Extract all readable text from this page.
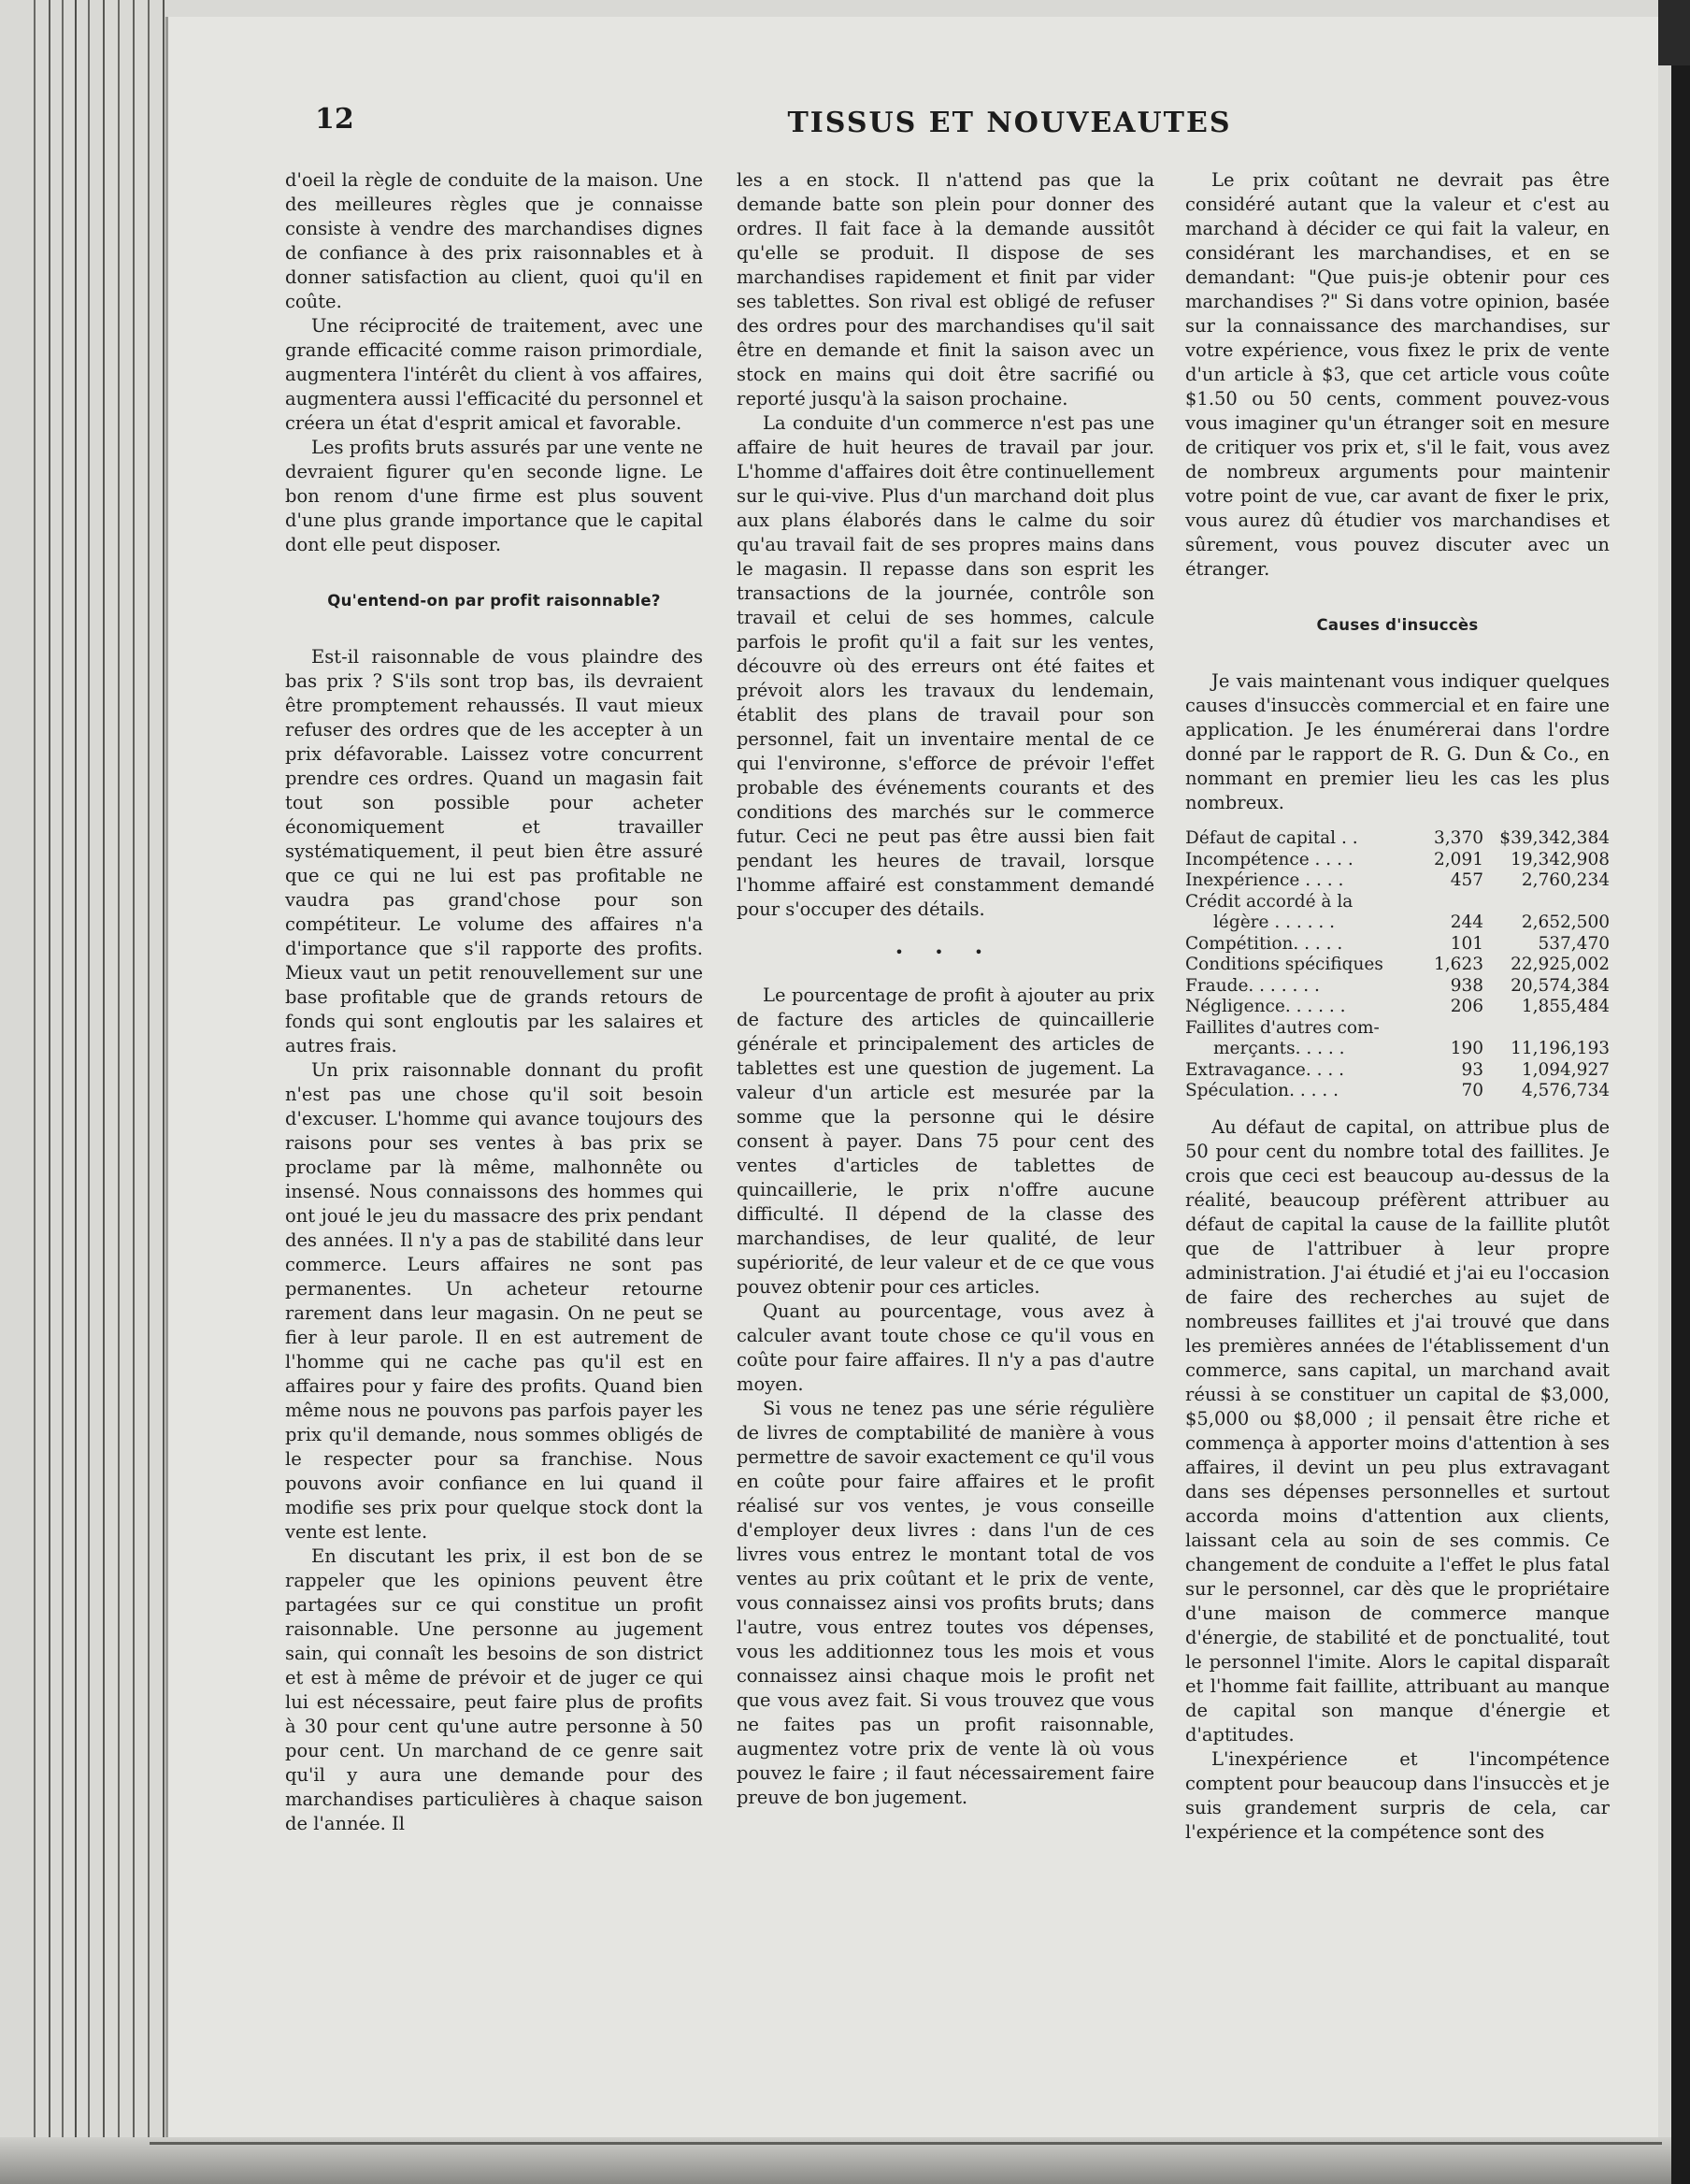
12	TISSUS ET NOUVEAUTES

d'oeil la règle de conduite de la maison. Une des meilleures règles que je connaisse consiste à vendre des marchandises dignes de confiance à des prix raisonnables et à donner satisfaction au client, quoi qu'il en coûte.

Une réciprocité de traitement, avec une grande efficacité comme raison primordiale, augmentera l'intérêt du client à vos affaires, augmentera aussi l'efficacité du personnel et créera un état d'esprit amical et favorable.

Les profits bruts assurés par une vente ne devraient figurer qu'en seconde ligne. Le bon renom d'une firme est plus souvent d'une plus grande importance que le capital dont elle peut disposer.

Qu'entend-on par profit raisonnable?

Est-il raisonnable de vous plaindre des bas prix ? S'ils sont trop bas, ils devraient être promptement rehaussés. Il vaut mieux refuser des ordres que de les accepter à un prix défavorable. Laissez votre concurrent prendre ces ordres. Quand un magasin fait tout son possible pour acheter économiquement et travailler systématiquement, il peut bien être assuré que ce qui ne lui est pas profitable ne vaudra pas grand'chose pour son compétiteur. Le volume des affaires n'a d'importance que s'il rapporte des profits. Mieux vaut un petit renouvellement sur une base profitable que de grands retours de fonds qui sont engloutis par les salaires et autres frais.

Un prix raisonnable donnant du profit n'est pas une chose qu'il soit besoin d'excuser. L'homme qui avance toujours des raisons pour ses ventes à bas prix se proclame par là même, malhonnête ou insensé. Nous connaissons des hommes qui ont joué le jeu du massacre des prix pendant des années. Il n'y a pas de stabilité dans leur commerce. Leurs affaires ne sont pas permanentes. Un acheteur retourne rarement dans leur magasin. On ne peut se fier à leur parole. Il en est autrement de l'homme qui ne cache pas qu'il est en affaires pour y faire des profits. Quand bien même nous ne pouvons pas parfois payer les prix qu'il demande, nous sommes obligés de le respecter pour sa franchise. Nous pouvons avoir confiance en lui quand il modifie ses prix pour quelque stock dont la vente est lente.

En discutant les prix, il est bon de se rappeler que les opinions peuvent être partagées sur ce qui constitue un profit raisonnable. Une personne au jugement sain, qui connaît les besoins de son district et est à même de prévoir et de juger ce qui lui est nécessaire, peut faire plus de profits à 30 pour cent qu'une autre personne à 50 pour cent. Un marchand de ce genre sait qu'il y aura une demande pour des marchandises particulières à chaque saison de l'année. Il

les a en stock. Il n'attend pas que la demande batte son plein pour donner des ordres. Il fait face à la demande aussitôt qu'elle se produit. Il dispose de ses marchandises rapidement et finit par vider ses tablettes. Son rival est obligé de refuser des ordres pour des marchandises qu'il sait être en demande et finit la saison avec un stock en mains qui doit être sacrifié ou reporté jusqu'à la saison prochaine.

La conduite d'un commerce n'est pas une affaire de huit heures de travail par jour. L'homme d'affaires doit être continuellement sur le qui-vive. Plus d'un marchand doit plus aux plans élaborés dans le calme du soir qu'au travail fait de ses propres mains dans le magasin. Il repasse dans son esprit les transactions de la journée, contrôle son travail et celui de ses hommes, calcule parfois le profit qu'il a fait sur les ventes, découvre où des erreurs ont été faites et prévoit alors les travaux du lendemain, établit des plans de travail pour son personnel, fait un inventaire mental de ce qui l'environne, s'efforce de prévoir l'effet probable des événements courants et des conditions des marchés sur le commerce futur. Ceci ne peut pas être aussi bien fait pendant les heures de travail, lorsque l'homme affairé est constamment demandé pour s'occuper des détails.

• • •

Le pourcentage de profit à ajouter au prix de facture des articles de quincaillerie générale et principalement des articles de tablettes est une question de jugement. La valeur d'un article est mesurée par la somme que la personne qui le désire consent à payer. Dans 75 pour cent des ventes d'articles de tablettes de quincaillerie, le prix n'offre aucune difficulté. Il dépend de la classe des marchandises, de leur qualité, de leur supériorité, de leur valeur et de ce que vous pouvez obtenir pour ces articles.

Quant au pourcentage, vous avez à calculer avant toute chose ce qu'il vous en coûte pour faire affaires. Il n'y a pas d'autre moyen.

Si vous ne tenez pas une série régulière de livres de comptabilité de manière à vous permettre de savoir exactement ce qu'il vous en coûte pour faire affaires et le profit réalisé sur vos ventes, je vous conseille d'employer deux livres : dans l'un de ces livres vous entrez le montant total de vos ventes au prix coûtant et le prix de vente, vous connaissez ainsi vos profits bruts; dans l'autre, vous entrez toutes vos dépenses, vous les additionnez tous les mois et vous connaissez ainsi chaque mois le profit net que vous avez fait. Si vous trouvez que vous ne faites pas un profit raisonnable, augmentez votre prix de vente là où vous pouvez le faire ; il faut nécessairement faire preuve de bon jugement.

Le prix coûtant ne devrait pas être considéré autant que la valeur et c'est au marchand à décider ce qui fait la valeur, en considérant les marchandises, et en se demandant: "Que puis-je obtenir pour ces marchandises ?" Si dans votre opinion, basée sur la connaissance des marchandises, sur votre expérience, vous fixez le prix de vente d'un article à $3, que cet article vous coûte $1.50 ou 50 cents, comment pouvez-vous vous imaginer qu'un étranger soit en mesure de critiquer vos prix et, s'il le fait, vous avez de nombreux arguments pour maintenir votre point de vue, car avant de fixer le prix, vous aurez dû étudier vos marchandises et sûrement, vous pouvez discuter avec un étranger.

Causes d'insuccès

Je vais maintenant vous indiquer quelques causes d'insuccès commercial et en faire une application. Je les énumérerai dans l'ordre donné par le rapport de R. G. Dun & Co., en nommant en premier lieu les cas les plus nombreux.

Défaut de capital . .	3,370	$39,342,384
Incompétence . . . .	2,091	19,342,908
Inexpérience . . . .	457	2,760,234
Crédit accordé à la		
légère . . . . . .	244	2,652,500
Compétition. . . . .	101	537,470
Conditions spécifiques	1,623	22,925,002
Fraude. . . . . . .	938	20,574,384
Négligence. . . . . .	206	1,855,484
Faillites d'autres com-		
merçants. . . . .	190	11,196,193
Extravagance. . . .	93	1,094,927
Spéculation. . . . .	70	4,576,734

Au défaut de capital, on attribue plus de 50 pour cent du nombre total des faillites. Je crois que ceci est beaucoup au-dessus de la réalité, beaucoup préfèrent attribuer au défaut de capital la cause de la faillite plutôt que de l'attribuer à leur propre administration. J'ai étudié et j'ai eu l'occasion de faire des recherches au sujet de nombreuses faillites et j'ai trouvé que dans les premières années de l'établissement d'un commerce, sans capital, un marchand avait réussi à se constituer un capital de $3,000, $5,000 ou $8,000 ; il pensait être riche et commença à apporter moins d'attention à ses affaires, il devint un peu plus extravagant dans ses dépenses personnelles et surtout accorda moins d'attention aux clients, laissant cela au soin de ses commis. Ce changement de conduite a l'effet le plus fatal sur le personnel, car dès que le propriétaire d'une maison de commerce manque d'énergie, de stabilité et de ponctualité, tout le personnel l'imite. Alors le capital disparaît et l'homme fait faillite, attribuant au manque de capital son manque d'énergie et d'aptitudes.

L'inexpérience et l'incompétence comptent pour beaucoup dans l'insuccès et je suis grandement surpris de cela, car l'expérience et la compétence sont des
